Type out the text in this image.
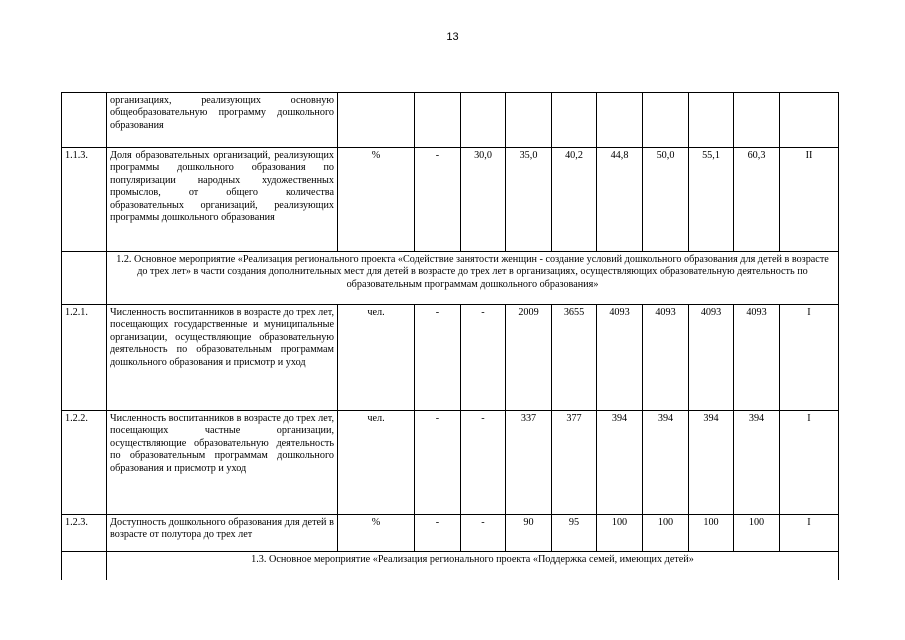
13
	организациях, реализующих основную общеобразовательную программу дошкольного образования										
1.1.3.	Доля образовательных организаций, реализующих программы дошкольного образования по популяризации народных художественных промыслов, от общего количества образовательных организаций, реализующих программы дошкольного образования	%	-	30,0	35,0	40,2	44,8	50,0	55,1	60,3	II
	1.2. Основное мероприятие «Реализация регионального проекта «Содействие занятости женщин - создание условий дошкольного образования для детей в возрасте до трех лет» в части создания дополнительных мест для детей в возрасте до трех лет в организациях, осуществляющих образовательную деятельность по образовательным программам дошкольного образования»										
1.2.1.	Численность воспитанников в возрасте до трех лет, посещающих государственные и муниципальные организации, осуществляющие образовательную деятельность по образовательным программам дошкольного образования и присмотр и уход	чел.	-	-	2009	3655	4093	4093	4093	4093	I
1.2.2.	Численность воспитанников в возрасте до трех лет, посещающих частные организации, осуществляющие образовательную деятельность по образовательным программам дошкольного образования и присмотр и уход	чел.	-	-	337	377	394	394	394	394	I
1.2.3.	Доступность дошкольного образования для детей в возрасте от полутора до трех лет	%	-	-	90	95	100	100	100	100	I
	1.3. Основное мероприятие «Реализация регионального проекта «Поддержка семей, имеющих детей»										
